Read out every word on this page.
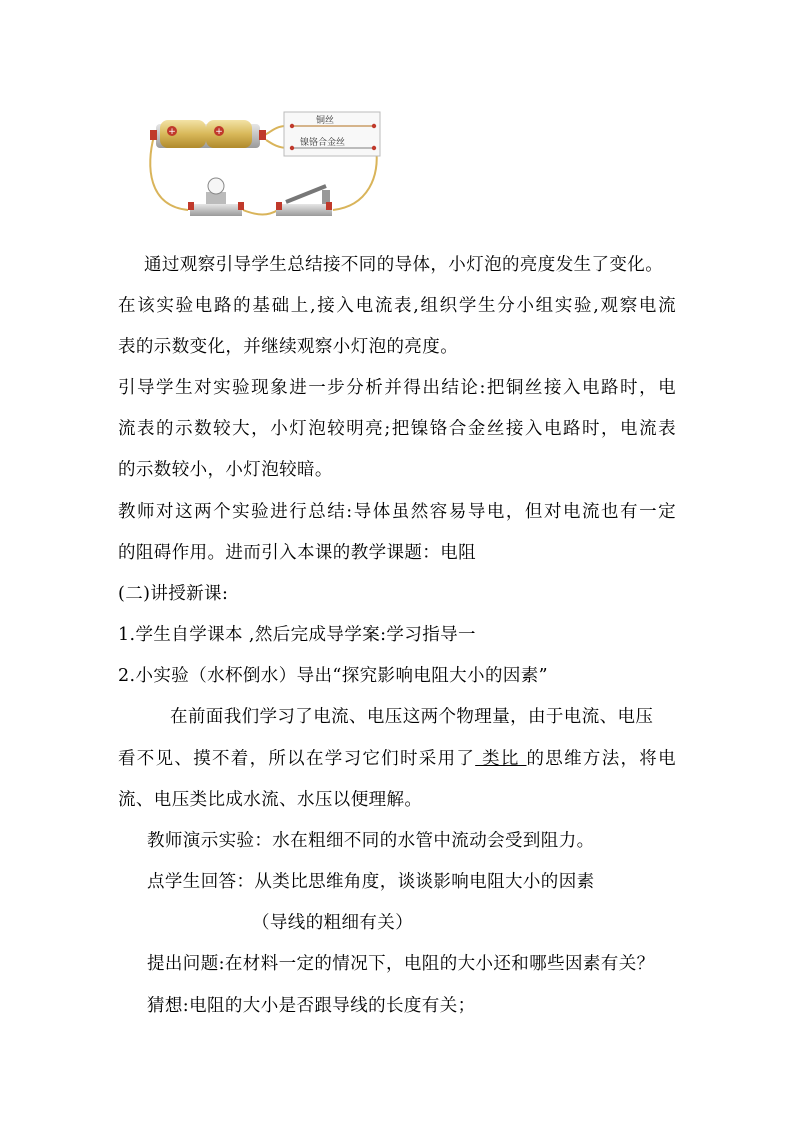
+	+
铜丝
镍铬合金丝
通过观察引导学生总结接不同的导体，小灯泡的亮度发生了变化。
在该实验电路的基础上,接入电流表,组织学生分小组实验,观察电流
表的示数变化，并继续观察小灯泡的亮度。
引导学生对实验现象进一步分析并得出结论:把铜丝接入电路时，电
流表的示数较大，小灯泡较明亮;把镍铬合金丝接入电路时，电流表
的示数较小，小灯泡较暗。
教师对这两个实验进行总结:导体虽然容易导电，但对电流也有一定
的阻碍作用。进而引入本课的教学课题：电阻
(二)讲授新课:
1.学生自学课本 ,然后完成导学案:学习指导一
2.小实验（水杯倒水）导出“探究影响电阻大小的因素”
在前面我们学习了电流、电压这两个物理量，由于电流、电压
看不见、摸不着，所以在学习它们时采用了 类比 的思维方法，将电
流、电压类比成水流、水压以便理解。
教师演示实验：水在粗细不同的水管中流动会受到阻力。
点学生回答：从类比思维角度，谈谈影响电阻大小的因素
（导线的粗细有关）
提出问题:在材料一定的情况下，电阻的大小还和哪些因素有关？
猜想:电阻的大小是否跟导线的长度有关；
